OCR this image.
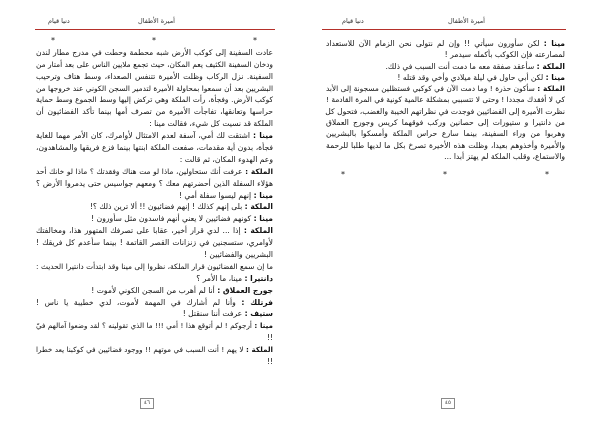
دنيا قيام	أميرة الأطفال
*
*
*
عادت السفينة إلى كوكب الأرض شبه محطمة وحطت في مدرج مطار لندن
ودخان السفينة الكثيف يعم المكان، حيث تجمع ملايين الناس على بعد أمتار من
السفينة. نزل الركاب وظلت الأميرة تتنفس الصعداء، وسط هتاف وترحيب
البشريين بعد أن سمعوا بمحاولة الأميرة لتدمير السجن الكوني عند خروجها من
كوكب الأرض. وفجأة، رأت الملكة وهي تركض إليها وسط الجموع وسط حماية
حراسها وتعانقها، تفاجأت الأميرة من تصرف أمها بينما تأكد الفضائيون أن
الملكة قد نسيت كل شيء، فقالت مينا :
مينا : اشتقت لك أمي، آسفة لعدم الامتثال لأوامرك، كان الأمر مهما للغاية
فجأة، بدون أية مقدمات، صفعت الملكة ابنتها بينما فزع فريقها والمشاهدون،
وعم الهدوء المكان، ثم قالت :
الملكة : عرفت أنك ستحاولين، ماذا لو مت هناك وفقدتك ؟ ماذا لو خانك أحد
هؤلاء السفلة الذين أحضرتهم معك ؟ ومعهم جواسيس حتى يدمروا الأرض ؟
مينا : إنهم ليسوا سفلة أمي !
الملكة : بلى إنهم كذلك ! إنهم فضائيون !! ألا ترين ذلك ؟!
مينا : كونهم فضائيين لا يعني أنهم فاسدون مثل سأورون !
الملكة : إذا ... لدي قرار أخير، عقابا على تصرفك المتهور هذا، ومخالفتك
لأوامري، ستسجنين في زنزانات القصر القاتمة ! بينما سأعدم كل فريقك !
البشريين والفضائيين !
ما إن سمع الفضائيون قرار الملكة، نظروا إلى مينا وقد ابتدأت دانتيرا الحديث :
دانتيرا : مينا، ما الأمر ؟
جورج العملاق : أنا لم أهرب من السجن الكوني لأموت !
فرتلك : وأنا لم أشارك في المهمة لأموت، لدي خطيبة يا ناس !
ستيف : عرفت أننا سنقتل !
مينا : أرجوكم ! لم أتوقع هذا ! أمي !!! ما الذي تقولينه ؟ لقد وضعوا آمالهم فيّ
!!
الملكة : لا يهم ! أنت السبب في موتهم !! ووجود فضائيين في كوكبنا يعد خطرا
!!
٤٦
دنيا قيام	أميرة الأطفال
مينا : لكن سأورون سيأتي !! وإن لم نتولى نحن الزمام الآن للاستعداد
لمصارعته فإن الكوكب بأكمله سيدمر !
الملكة : سأعقد صفقة معه ما دمت أنت السبب في ذلك.
مينا : لكن أبي حاول في ليلة ميلادي وأخي وقد قتله !
الملكة : سأكون حذرة ! وما دمت الآن في كوكبي فستظلين مسجونة إلى الأبد
كي لا أفقدك مجددا ! وحتى لا تتسببي بمشكلة عالمية كونية في المرة القادمة !
نظرت الأميرة إلى الفضائيين فوجدت في نظراتهم الخيبة والغضب، فتحول كل
من دانتيرا و ستيورات إلى حصانين وركب فوقهما كريس وجورج العملاق
وهربوا من وراء السفينة، بينما سارع حراس الملكة وأمسكوا بالبشريين
والأميرة وأخذوهم بعيدا، وظلت هذه الأخيرة تصرخ بكل ما لديها طلبا للرحمة
والاستماع، وقلب الملكة لم يهتز أبدا ...
*
*
*
٤٥
